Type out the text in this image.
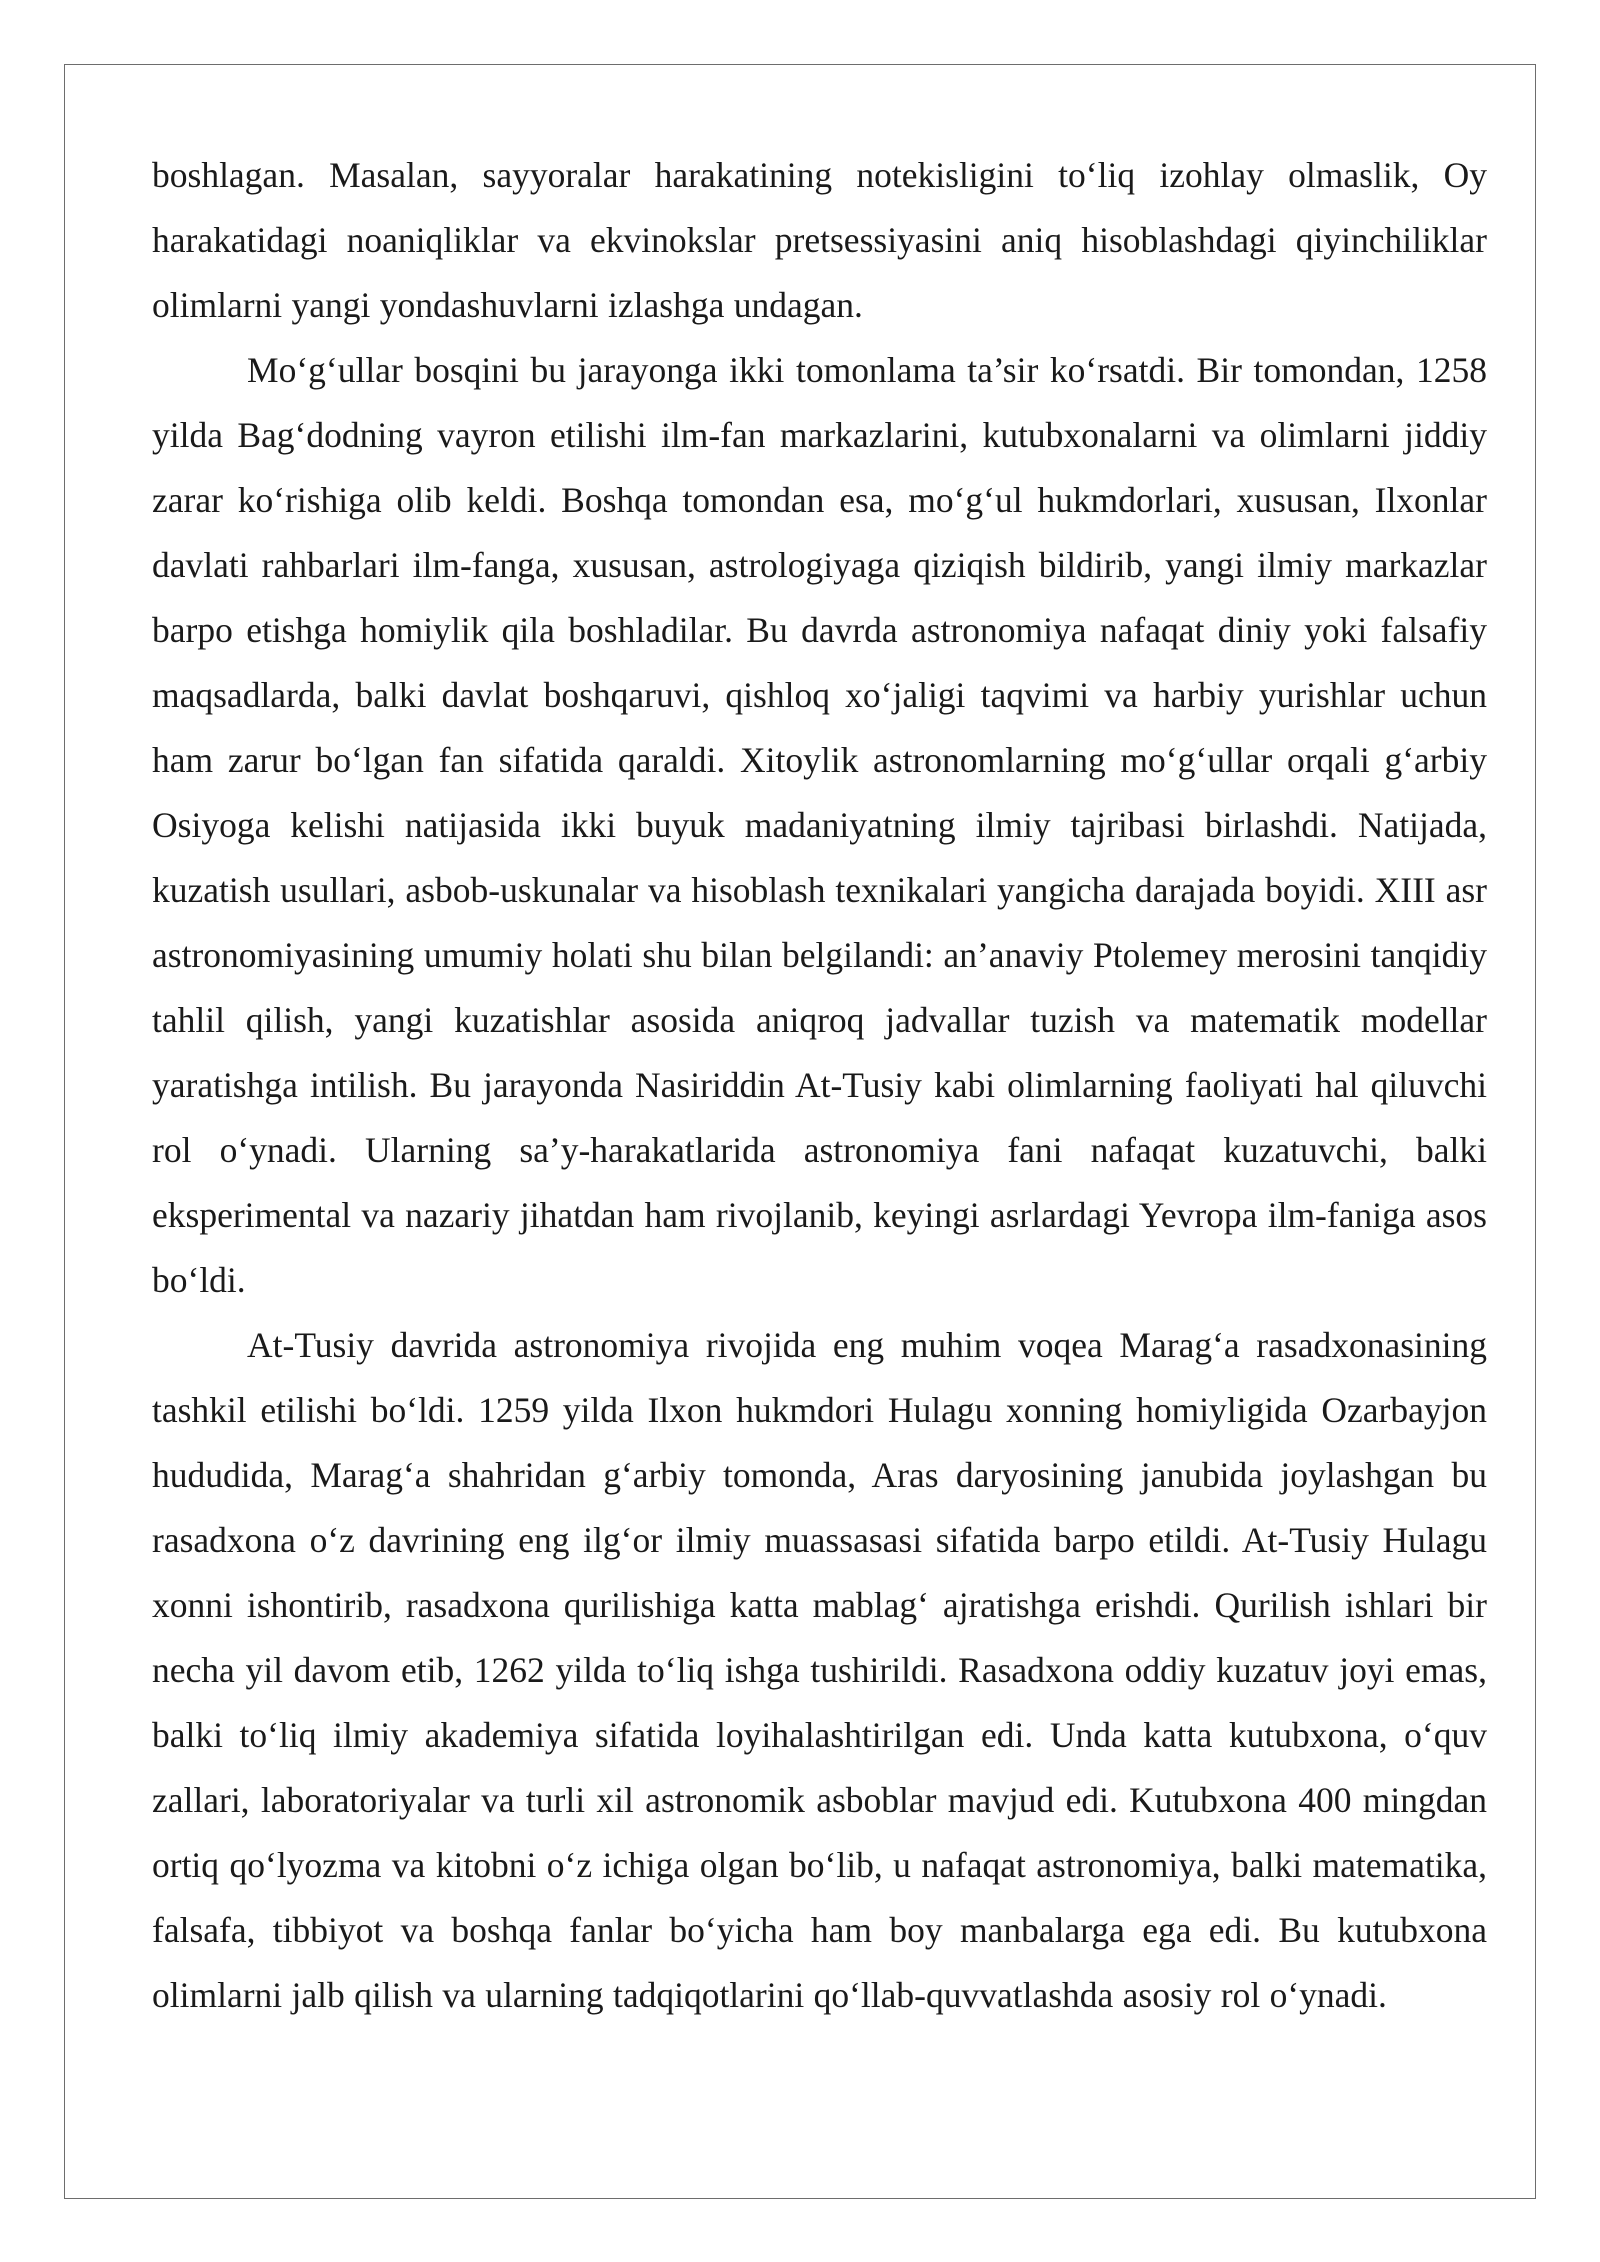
boshlagan. Masalan, sayyoralar harakatining notekisligini to‘liq izohlay olmaslik, Oy harakatidagi noaniqliklar va ekvinokslar pretsessiyasini aniq hisoblashdagi qiyinchiliklar olimlarni yangi yondashuvlarni izlashga undagan.

Mo‘g‘ullar bosqini bu jarayonga ikki tomonlama ta’sir ko‘rsatdi. Bir tomondan, 1258 yilda Bag‘dodning vayron etilishi ilm-fan markazlarini, kutubxonalarni va olimlarni jiddiy zarar ko‘rishiga olib keldi. Boshqa tomondan esa, mo‘g‘ul hukmdorlari, xususan, Ilxonlar davlati rahbarlari ilm-fanga, xususan, astrologiyaga qiziqish bildirib, yangi ilmiy markazlar barpo etishga homiylik qila boshladilar. Bu davrda astronomiya nafaqat diniy yoki falsafiy maqsadlarda, balki davlat boshqaruvi, qishloq xo‘jaligi taqvimi va harbiy yurishlar uchun ham zarur bo‘lgan fan sifatida qaraldi. Xitoylik astronomlarning mo‘g‘ullar orqali g‘arbiy Osiyoga kelishi natijasida ikki buyuk madaniyatning ilmiy tajribasi birlashdi. Natijada, kuzatish usullari, asbob-uskunalar va hisoblash texnikalari yangicha darajada boyidi. XIII asr astronomiyasining umumiy holati shu bilan belgilandi: an’anaviy Ptolemey merosini tanqidiy tahlil qilish, yangi kuzatishlar asosida aniqroq jadvallar tuzish va matematik modellar yaratishga intilish. Bu jarayonda Nasiriddin At-Tusiy kabi olimlarning faoliyati hal qiluvchi rol o‘ynadi. Ularning sa’y-harakatlarida astronomiya fani nafaqat kuzatuvchi, balki eksperimental va nazariy jihatdan ham rivojlanib, keyingi asrlardagi Yevropa ilm-faniga asos bo‘ldi.

At-Tusiy davrida astronomiya rivojida eng muhim voqea Marag‘a rasadxonasining tashkil etilishi bo‘ldi. 1259 yilda Ilxon hukmdori Hulagu xonning homiyligida Ozarbayjon hududida, Marag‘a shahridan g‘arbiy tomonda, Aras daryosining janubida joylashgan bu rasadxona o‘z davrining eng ilg‘or ilmiy muassasasi sifatida barpo etildi. At-Tusiy Hulagu xonni ishontirib, rasadxona qurilishiga katta mablag‘ ajratishga erishdi. Qurilish ishlari bir necha yil davom etib, 1262 yilda to‘liq ishga tushirildi. Rasadxona oddiy kuzatuv joyi emas, balki to‘liq ilmiy akademiya sifatida loyihalashtirilgan edi. Unda katta kutubxona, o‘quv zallari, laboratoriyalar va turli xil astronomik asboblar mavjud edi. Kutubxona 400 mingdan ortiq qo‘lyozma va kitobni o‘z ichiga olgan bo‘lib, u nafaqat astronomiya, balki matematika, falsafa, tibbiyot va boshqa fanlar bo‘yicha ham boy manbalarga ega edi. Bu kutubxona olimlarni jalb qilish va ularning tadqiqotlarini qo‘llab-quvvatlashda asosiy rol o‘ynadi.
